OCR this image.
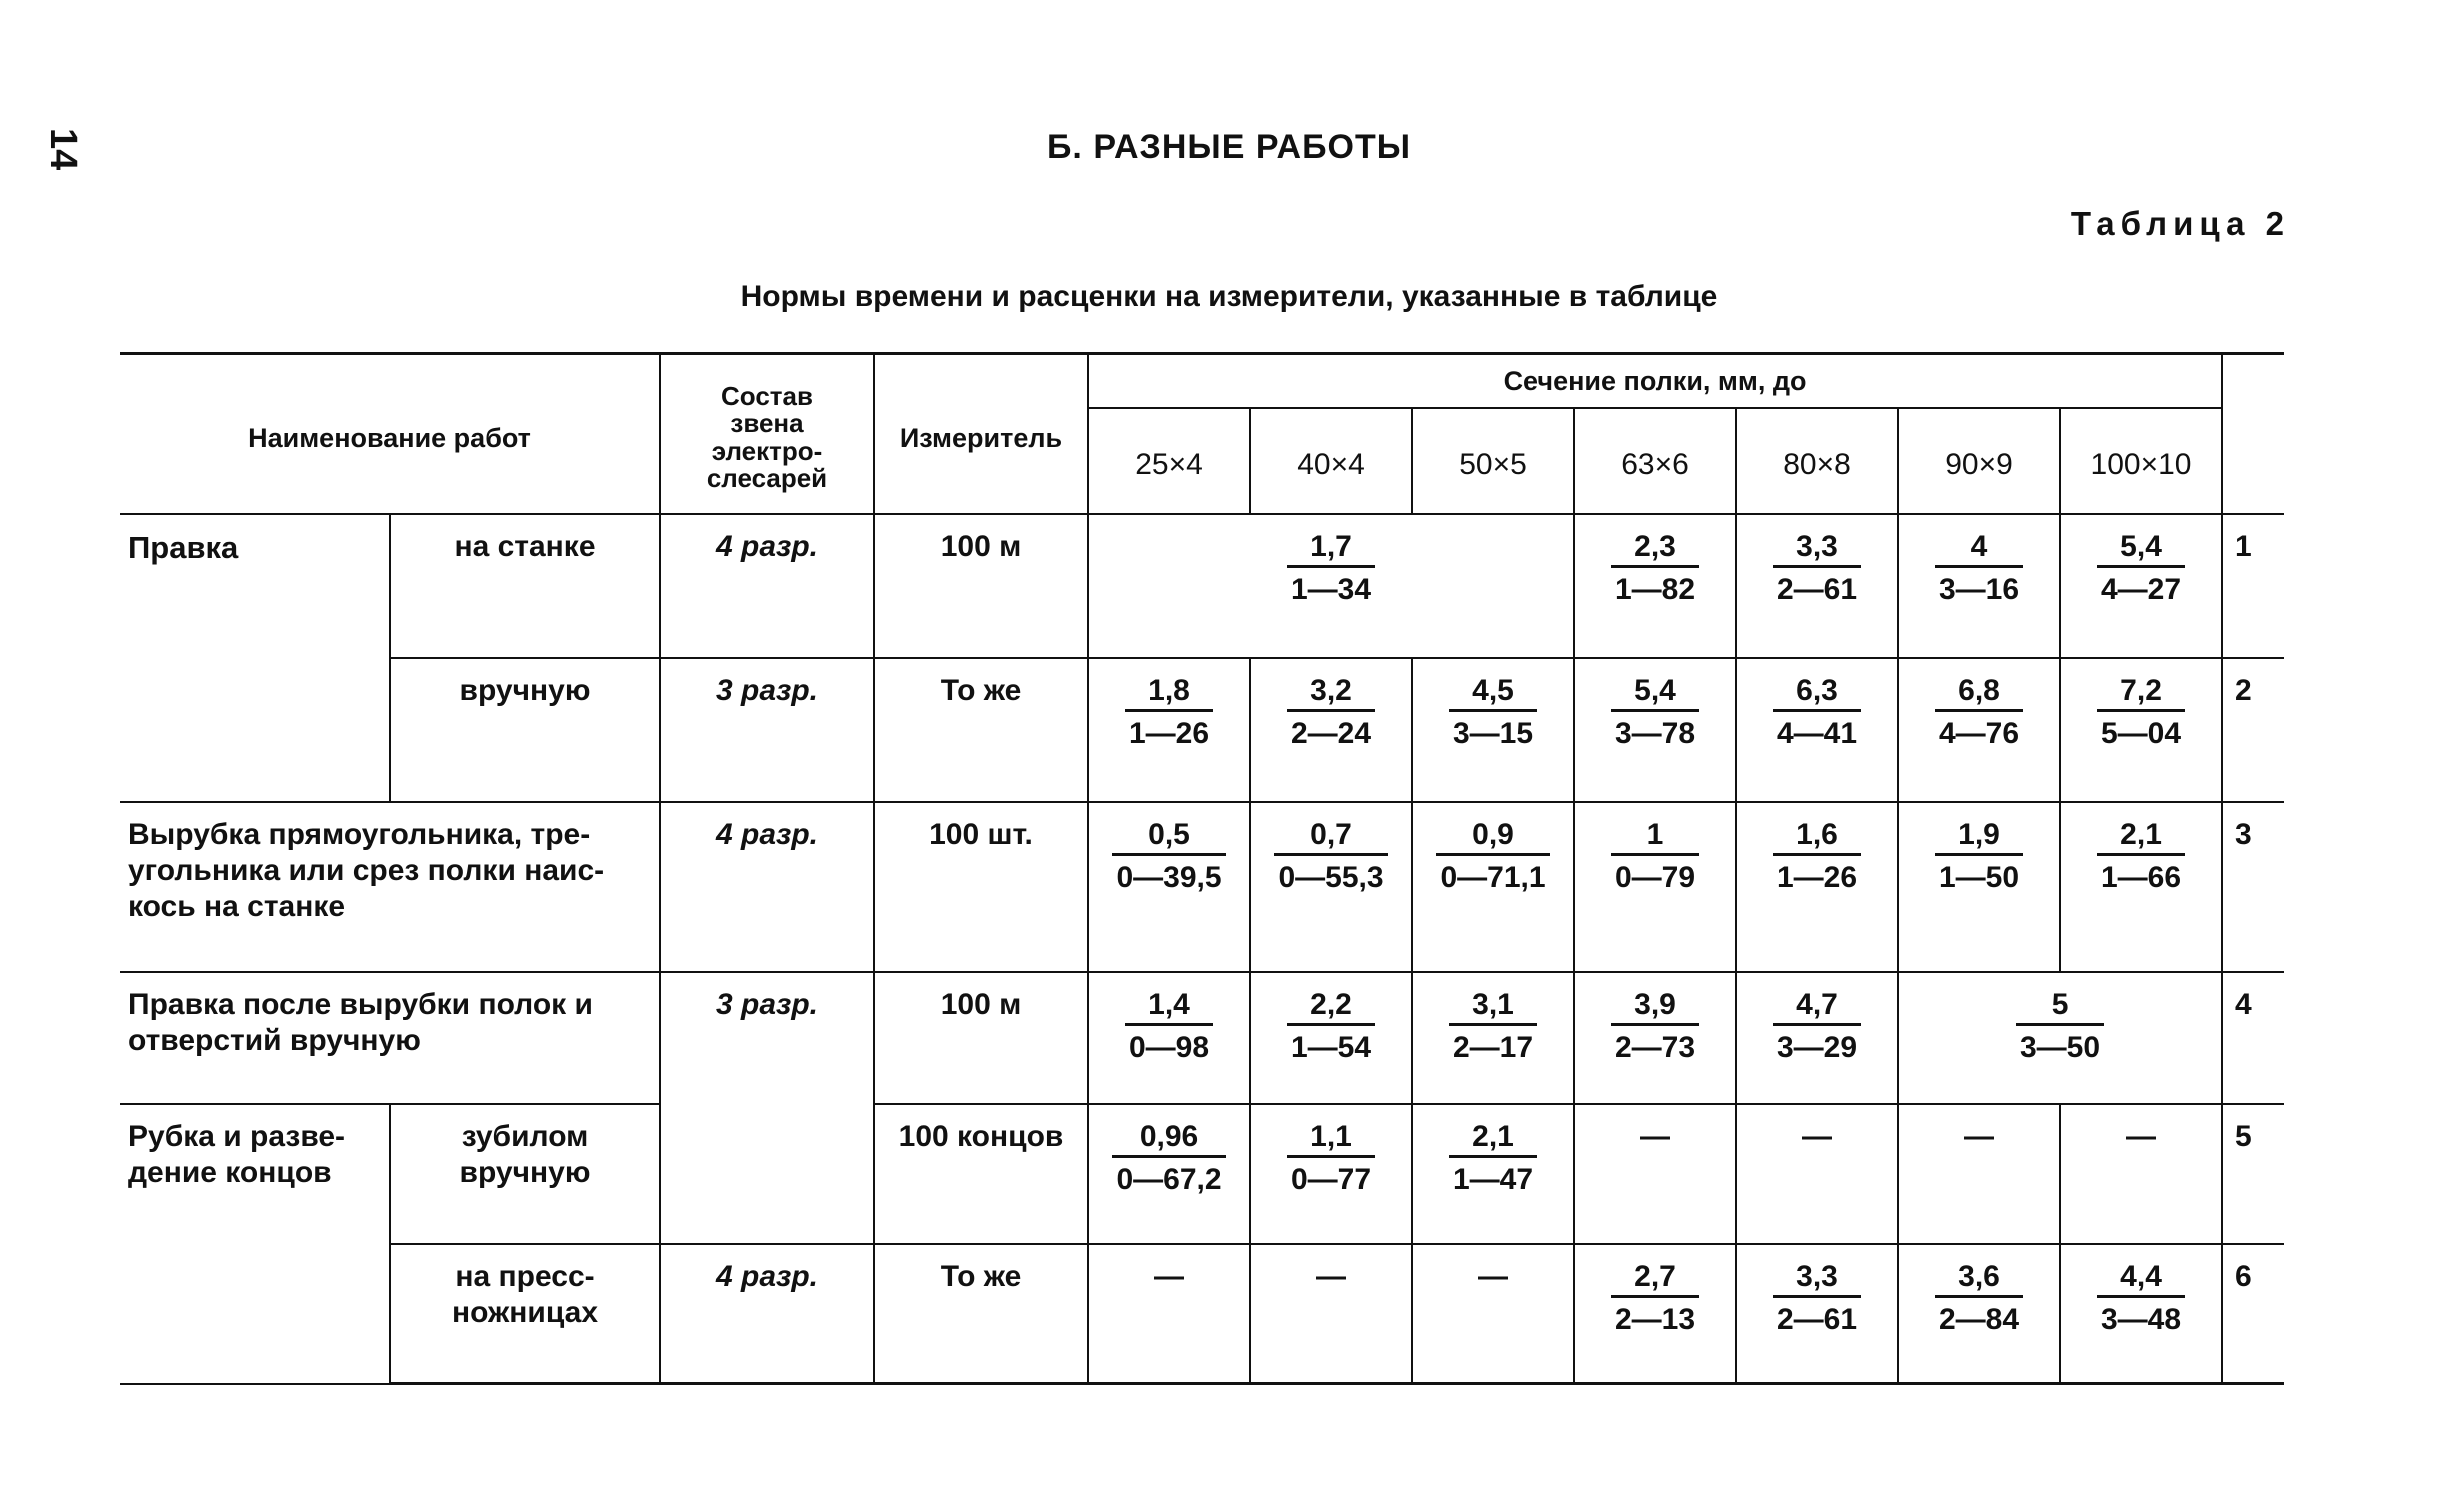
14	Б. РАЗНЫЕ РАБОТЫ
Таблица 2
Нормы времени и расценки на измерители, указанные в таблице
Наименование работ		Состав
звена
электро-
слесарей	Измеритель	Сечение полки, мм, до							
				25×4	40×4	50×5	63×6	80×8	90×9	100×10	
Правка	на станке	4 разр.	100 м	$\frac{1,7}{1—34}$			$\frac{2,3}{1—82}$	$\frac{3,3}{2—61}$	$\frac{4}{3—16}$	$\frac{5,4}{4—27}$	1
	вручную	3 разр.	То же	$\frac{1,8}{1—26}$	$\frac{3,2}{2—24}$	$\frac{4,5}{3—15}$	$\frac{5,4}{3—78}$	$\frac{6,3}{4—41}$	$\frac{6,8}{4—76}$	$\frac{7,2}{5—04}$	2
Вырубка прямоугольника, тре-
угольника или срез полки наис-
кось на станке		4 разр.	100 шт.	$\frac{0,5}{0—39,5}$	$\frac{0,7}{0—55,3}$	$\frac{0,9}{0—71,1}$	$\frac{1}{0—79}$	$\frac{1,6}{1—26}$	$\frac{1,9}{1—50}$	$\frac{2,1}{1—66}$	3
Правка после вырубки полок и
отверстий вручную		3 разр.	100 м	$\frac{1,4}{0—98}$	$\frac{2,2}{1—54}$	$\frac{3,1}{2—17}$	$\frac{3,9}{2—73}$	$\frac{4,7}{3—29}$	$\frac{5}{3—50}$		4
Рубка и разве-
дение концов	зубилом
вручную		100 концов	$\frac{0,96}{0—67,2}$	$\frac{1,1}{0—77}$	$\frac{2,1}{1—47}$	—	—	—	—	5
	на пресс-
ножницах	4 разр.	То же	—	—	—	$\frac{2,7}{2—13}$	$\frac{3,3}{2—61}$	$\frac{3,6}{2—84}$	$\frac{4,4}{3—48}$	6
